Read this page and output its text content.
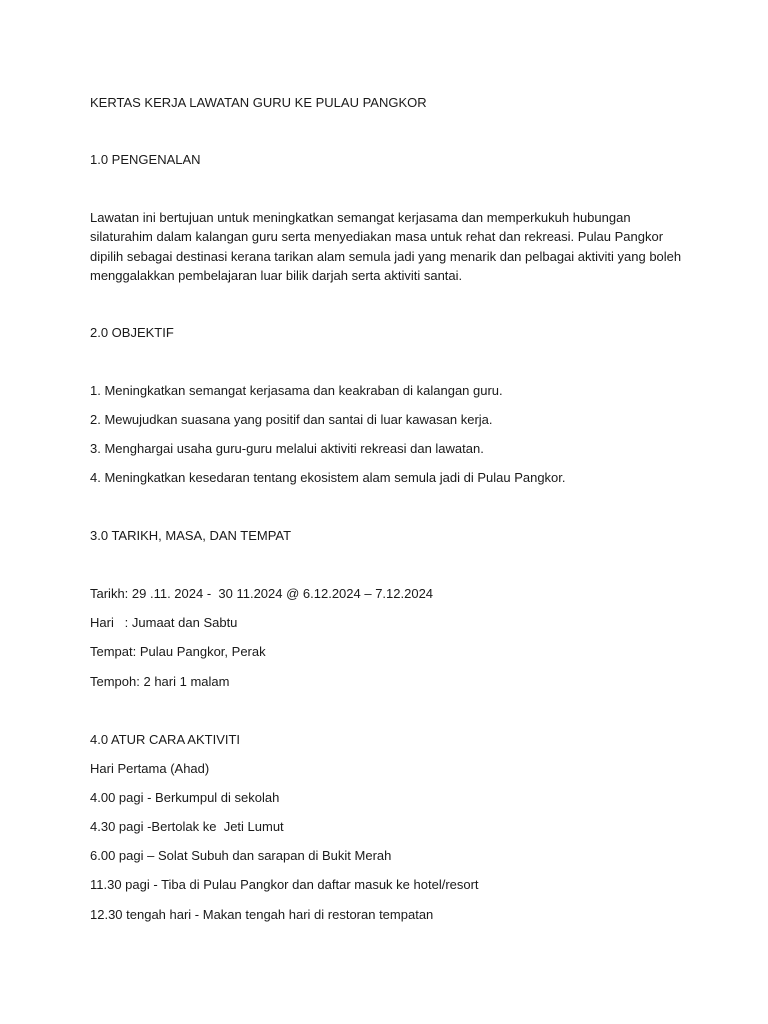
KERTAS KERJA LAWATAN GURU KE PULAU PANGKOR
1.0 PENGENALAN
Lawatan ini bertujuan untuk meningkatkan semangat kerjasama dan memperkukuh hubungan
silaturahim dalam kalangan guru serta menyediakan masa untuk rehat dan rekreasi. Pulau Pangkor
dipilih sebagai destinasi kerana tarikan alam semula jadi yang menarik dan pelbagai aktiviti yang boleh
menggalakkan pembelajaran luar bilik darjah serta aktiviti santai.
2.0 OBJEKTIF
1. Meningkatkan semangat kerjasama dan keakraban di kalangan guru.
2. Mewujudkan suasana yang positif dan santai di luar kawasan kerja.
3. Menghargai usaha guru-guru melalui aktiviti rekreasi dan lawatan.
4. Meningkatkan kesedaran tentang ekosistem alam semula jadi di Pulau Pangkor.
3.0 TARIKH, MASA, DAN TEMPAT
Tarikh: 29 .11. 2024 -  30 11.2024 @ 6.12.2024 – 7.12.2024
Hari   : Jumaat dan Sabtu
Tempat: Pulau Pangkor, Perak
Tempoh: 2 hari 1 malam
4.0 ATUR CARA AKTIVITI
Hari Pertama (Ahad)
4.00 pagi - Berkumpul di sekolah
4.30 pagi -Bertolak ke  Jeti Lumut
6.00 pagi – Solat Subuh dan sarapan di Bukit Merah
11.30 pagi - Tiba di Pulau Pangkor dan daftar masuk ke hotel/resort
12.30 tengah hari - Makan tengah hari di restoran tempatan
